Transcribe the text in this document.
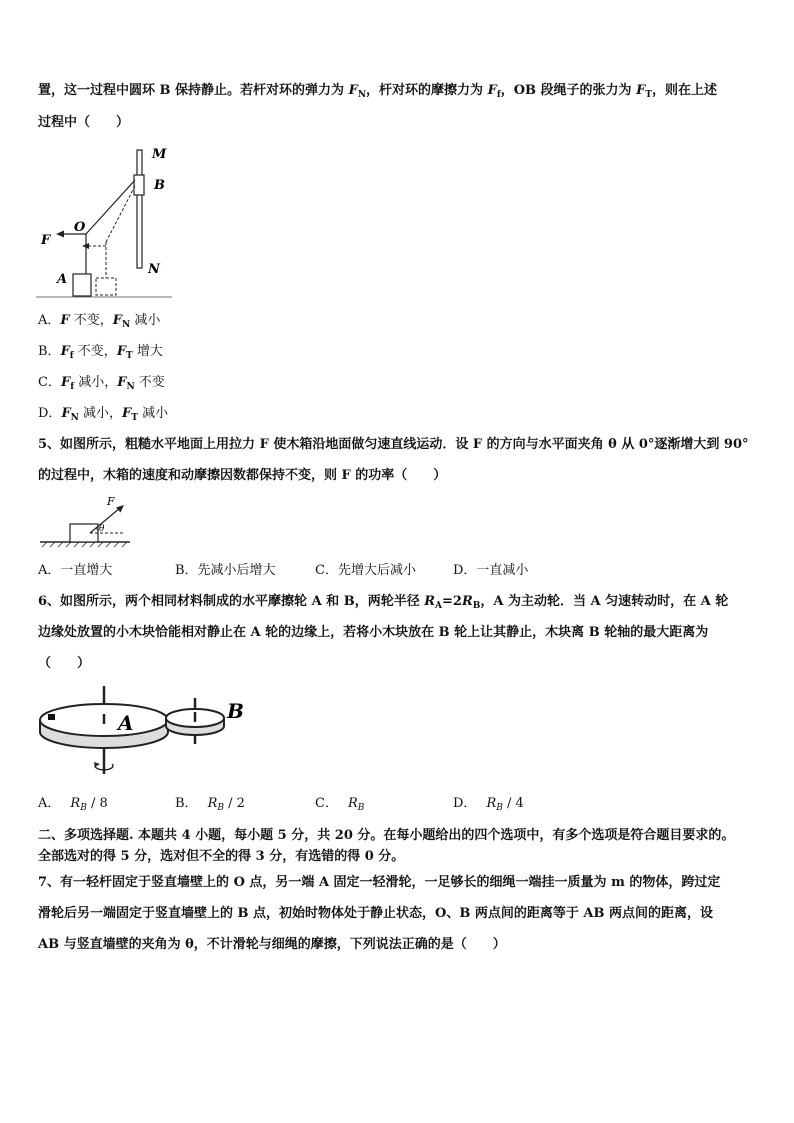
置，这一过程中圆环 B 保持静止。若杆对环的弹力为 $F_N$，杆对环的摩擦力为 $F_f$，OB 段绳子的张力为 $F_T$，则在上述
过程中（　　）
M
B
O
F
A
N
A．F 不变，$F_N$ 减小
B．$F_f$ 不变，$F_T$ 增大
C．$F_f$ 减小，$F_N$ 不变
D．$F_N$ 减小，$F_T$ 减小
5、如图所示，粗糙水平地面上用拉力 F 使木箱沿地面做匀速直线运动．设 F 的方向与水平面夹角 θ 从 0°逐渐增大到 90°
的过程中，木箱的速度和动摩擦因数都保持不变，则 F 的功率（　　）
F
θ
A．一直增大	B．先减小后增大	C．先增大后减小	D．一直减小
6、如图所示，两个相同材料制成的水平摩擦轮 A 和 B，两轮半径 $R_A=2R_B$，A 为主动轮．当 A 匀速转动时，在 A 轮
边缘处放置的小木块恰能相对静止在 A 轮的边缘上，若将小木块放在 B 轮上让其静止，木块离 B 轮轴的最大距离为
（　　）
A	B
A． $R_B / 8$	B． $R_B / 2$	C． $R_B$	D． $R_B / 4$
二、多项选择题. 本题共 4 小题，每小题 5 分，共 20 分。在每小题给出的四个选项中，有多个选项是符合题目要求的。
全部选对的得 5 分，选对但不全的得 3 分，有选错的得 0 分。
7、有一轻杆固定于竖直墙壁上的 O 点，另一端 A 固定一轻滑轮，一足够长的细绳一端挂一质量为 m 的物体，跨过定
滑轮后另一端固定于竖直墙壁上的 B 点，初始时物体处于静止状态，O、B 两点间的距离等于 AB 两点间的距离，设
AB 与竖直墙壁的夹角为 θ，不计滑轮与细绳的摩擦，下列说法正确的是（　　）
